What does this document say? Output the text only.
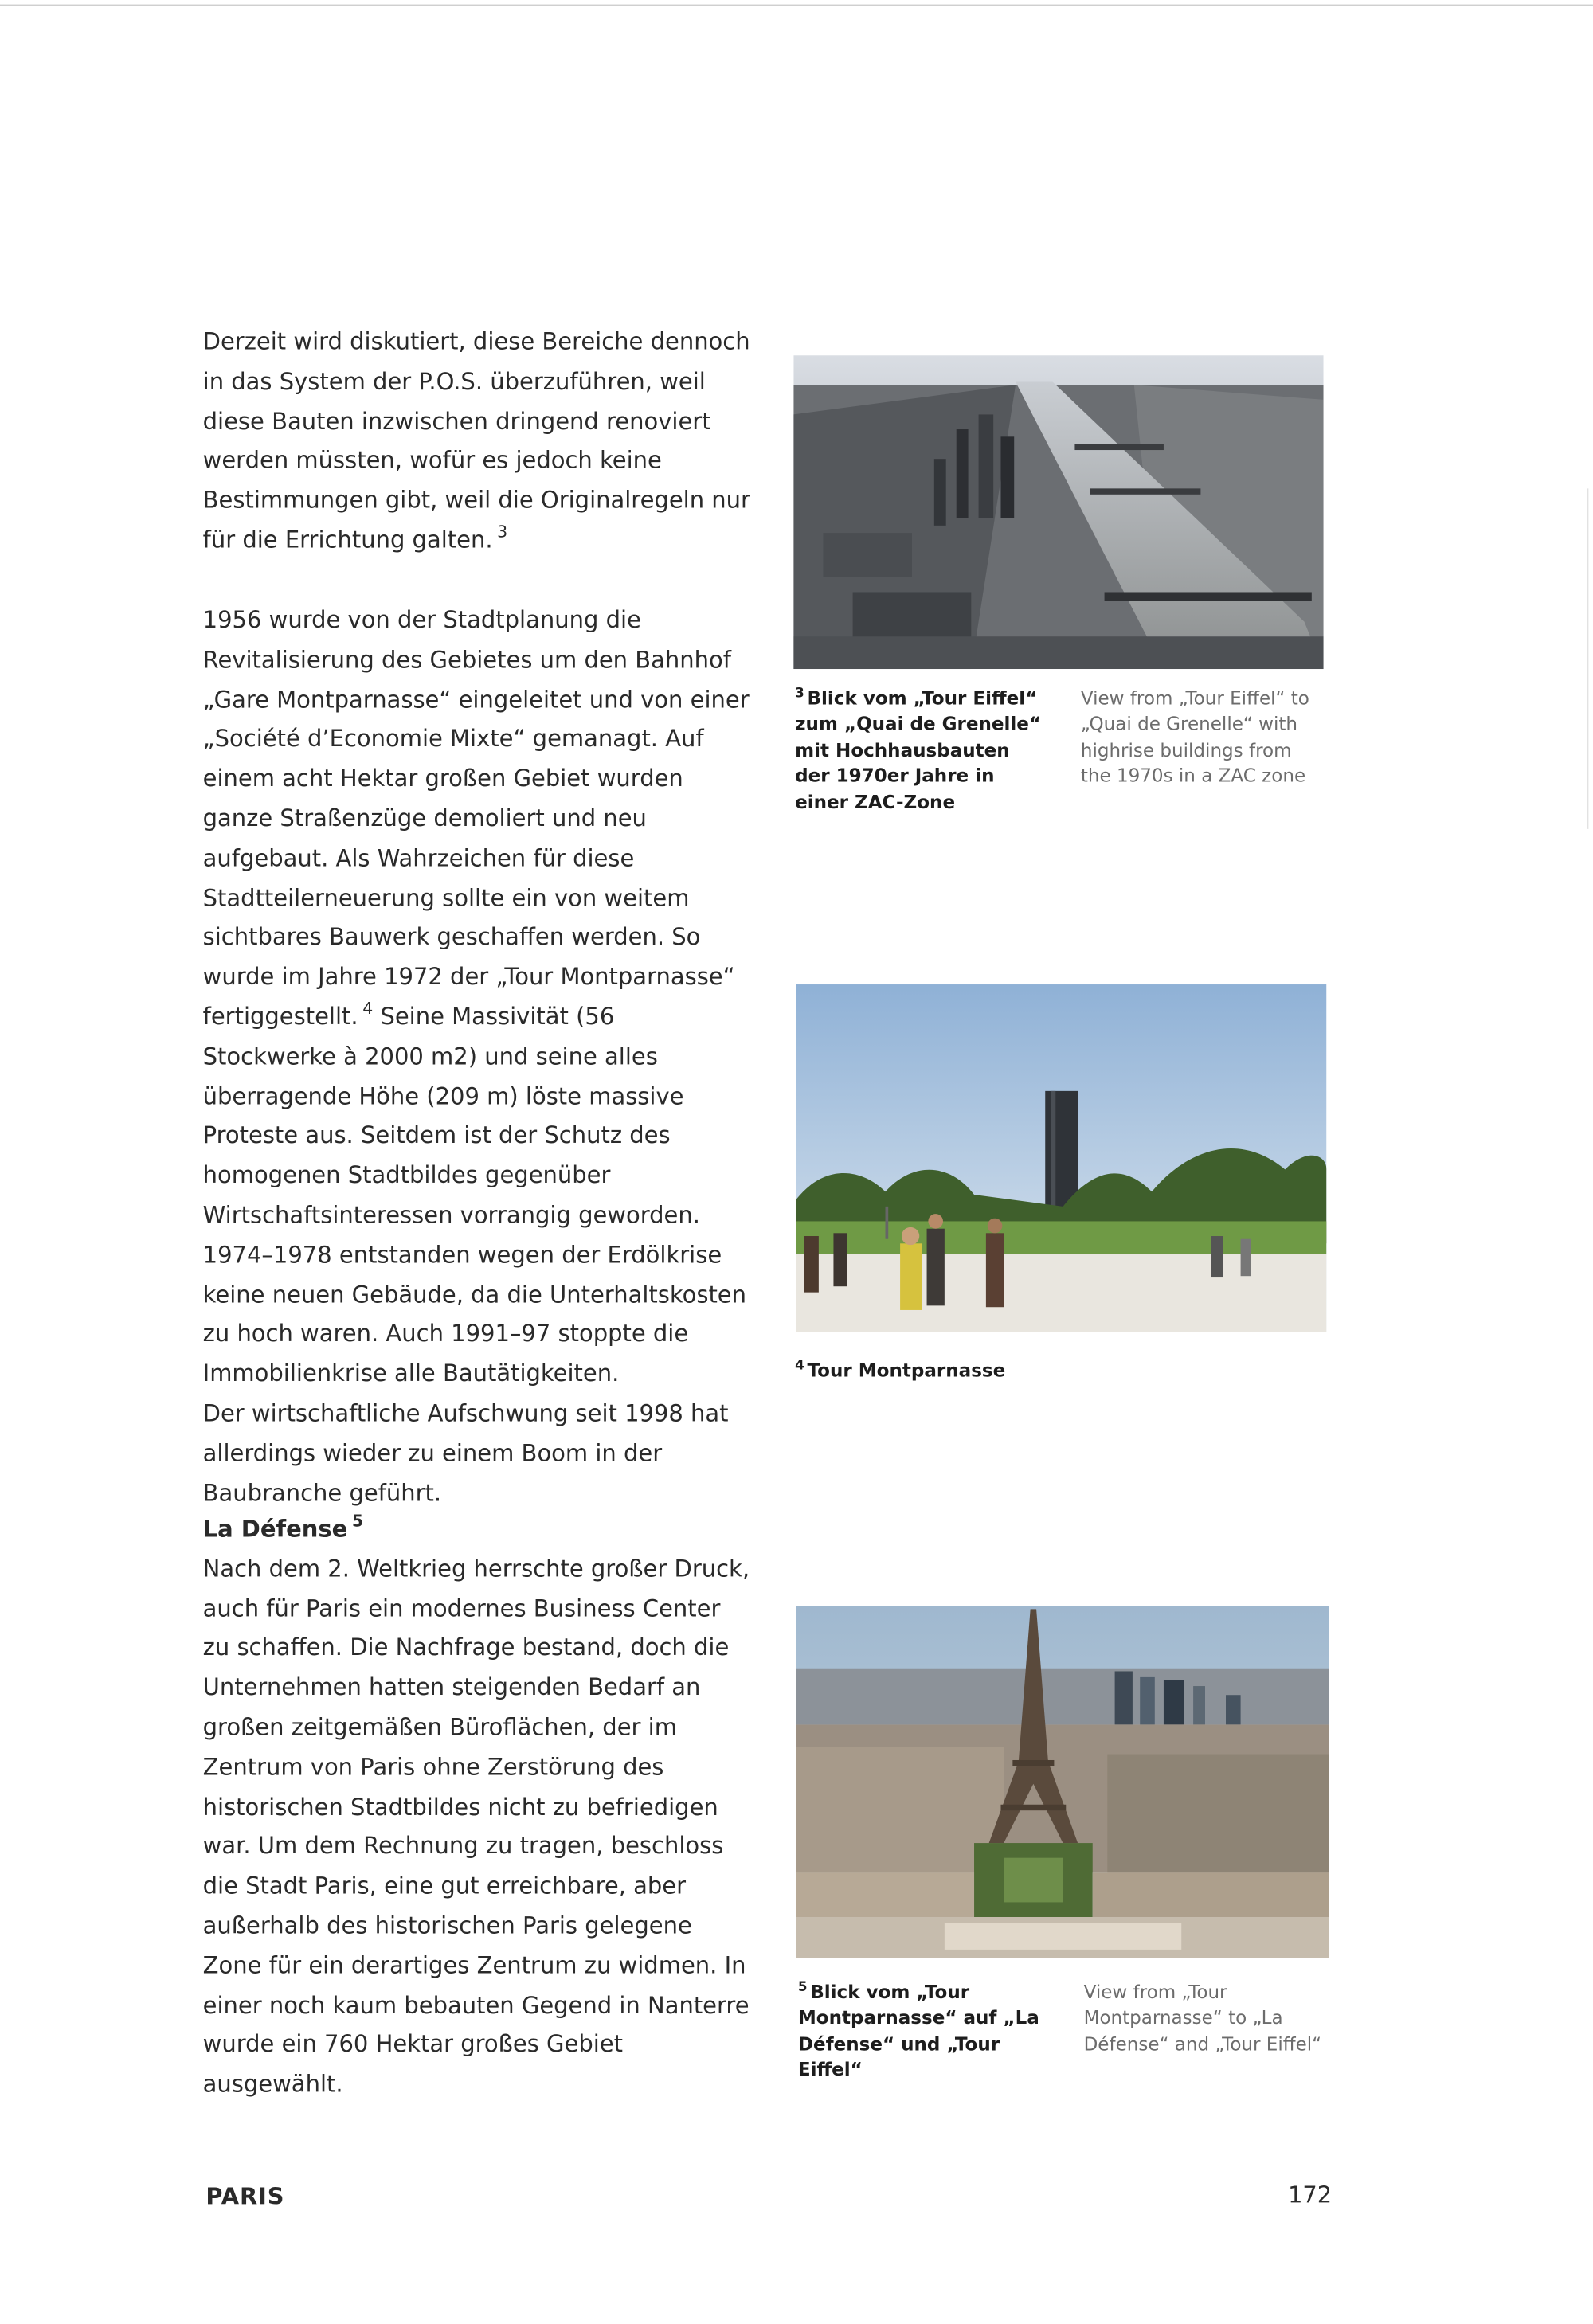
Derzeit wird diskutiert, diese Bereiche dennoch in das System der P.O.S. überzuführen, weil diese Bauten inzwischen dringend renoviert werden müssten, wofür es jedoch keine Bestimmungen gibt, weil die Originalregeln nur für die Errichtung galten. $^3$

1956 wurde von der Stadtplanung die Revitalisierung des Gebietes um den Bahnhof „Gare Montparnasse“ eingeleitet und von einer „Société d’Economie Mixte“ gemanagt. Auf einem acht Hektar großen Gebiet wurden ganze Straßenzüge demoliert und neu aufgebaut. Als Wahrzeichen für diese Stadtteilerneuerung sollte ein von weitem sichtbares Bauwerk geschaffen werden. So wurde im Jahre 1972 der „Tour Montparnasse“ fertiggestellt. $^4$ Seine Massivität (56 Stockwerke à 2000 m2) und seine alles überragende Höhe (209 m) löste massive Proteste aus. Seitdem ist der Schutz des homogenen Stadtbildes gegenüber Wirtschaftsinteressen vorrangig geworden. 1974–1978 entstanden wegen der Erdölkrise keine neuen Gebäude, da die Unterhaltskosten zu hoch waren. Auch 1991–97 stoppte die Immobilienkrise alle Bautätigkeiten.

Der wirtschaftliche Aufschwung seit 1998 hat allerdings wieder zu einem Boom in der Baubranche geführt.

La Défense $^5$

Nach dem 2. Weltkrieg herrschte großer Druck, auch für Paris ein modernes Business Center zu schaffen. Die Nachfrage bestand, doch die Unternehmen hatten steigenden Bedarf an großen zeitgemäßen Büroflächen, der im Zentrum von Paris ohne Zerstörung des historischen Stadtbildes nicht zu befriedigen war. Um dem Rechnung zu tragen, beschloss die Stadt Paris, eine gut erreichbare, aber außerhalb des historischen Paris gelegene Zone für ein derartiges Zentrum zu widmen. In einer noch kaum bebauten Gegend in Nanterre wurde ein 760 Hektar großes Gebiet ausgewählt.

$^3$ Blick vom „Tour Eiffel“ zum „Quai de Grenelle“ mit Hochhausbauten der 1970er Jahre in einer ZAC-Zone

View from „Tour Eiffel“ to „Quai de Grenelle“ with highrise buildings from the 1970s in a ZAC zone

$^4$ Tour Montparnasse

$^5$ Blick vom „Tour Montparnasse“ auf „La Défense“ und „Tour Eiffel“

View from „Tour Montparnasse“ to „La Défense“ and „Tour Eiffel“

PARIS	172
